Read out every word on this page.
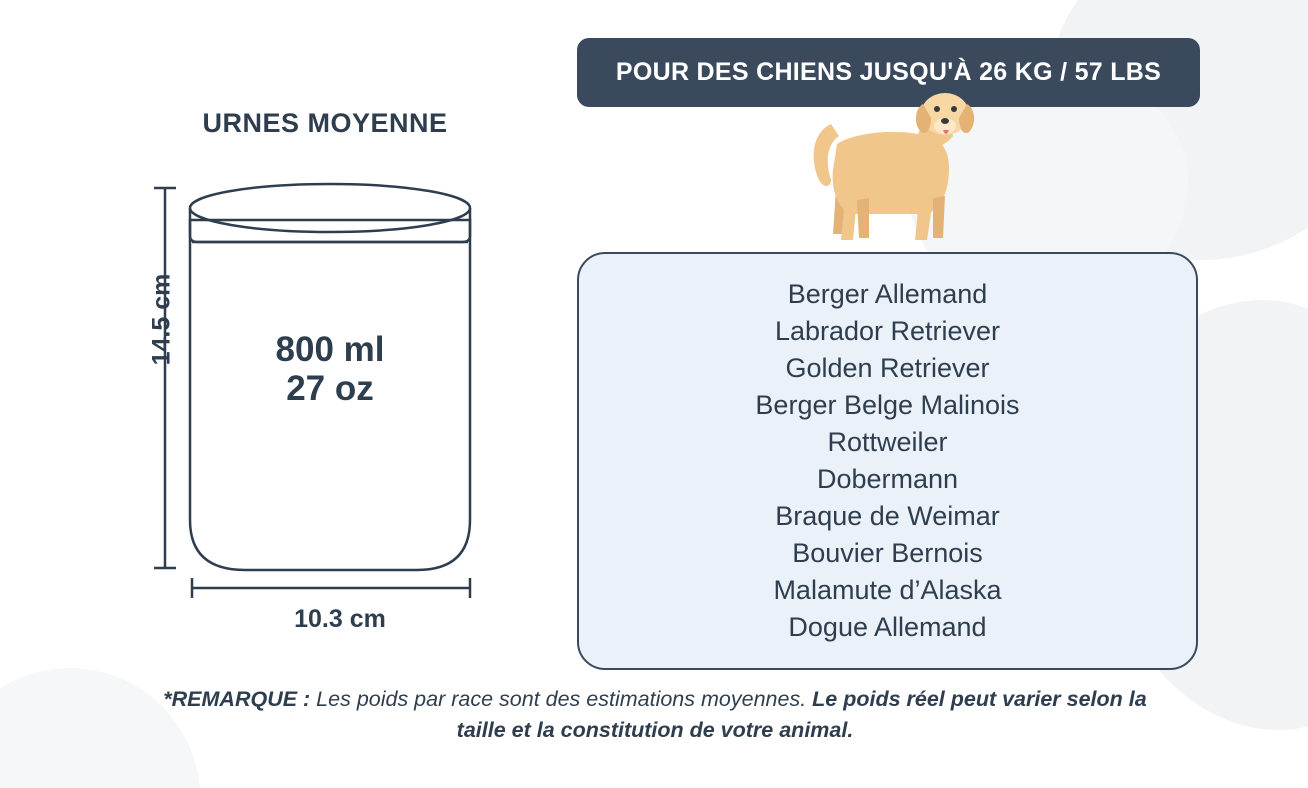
URNES MOYENNE
14.5 cm	800 ml
27 oz
10.3 cm
POUR DES CHIENS JUSQU'À 26 KG / 57 LBS
Berger Allemand
Labrador Retriever
Golden Retriever
Berger Belge Malinois
Rottweiler
Dobermann
Braque de Weimar
Bouvier Bernois
Malamute d’Alaska
Dogue Allemand
*REMARQUE : Les poids par race sont des estimations moyennes. Le poids réel peut varier selon la taille et la constitution de votre animal.
